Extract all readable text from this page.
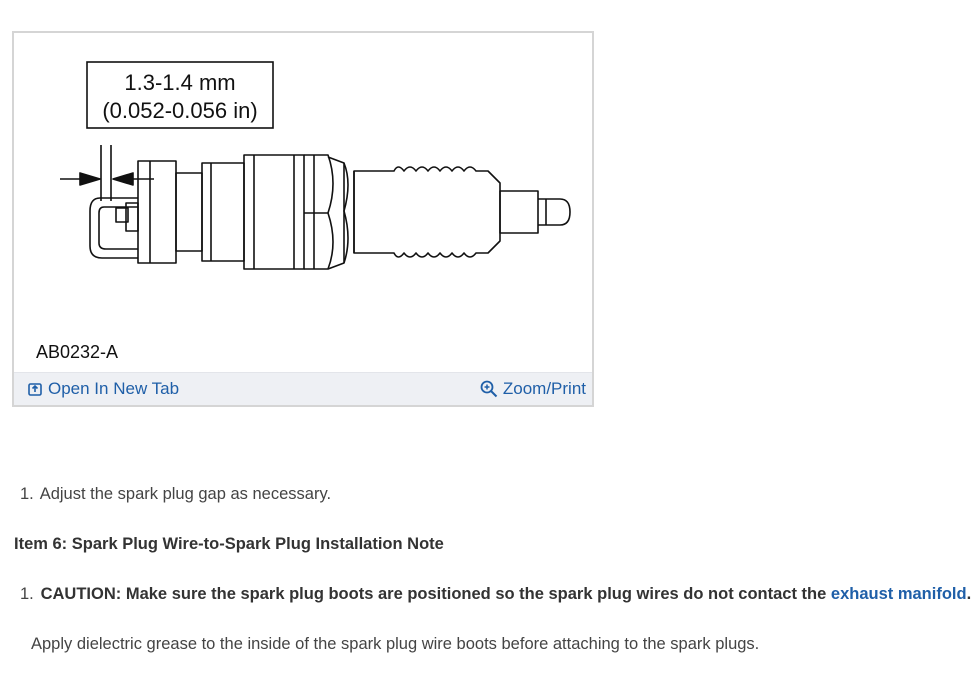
1.3-1.4 mm
(0.052-0.056 in)
AB0232-A
Open In New Tab	Zoom/Print
1. Adjust the spark plug gap as necessary.
Item 6: Spark Plug Wire-to-Spark Plug Installation Note
1. CAUTION: Make sure the spark plug boots are positioned so the spark plug wires do not contact the exhaust manifold.
Apply dielectric grease to the inside of the spark plug wire boots before attaching to the spark plugs.
